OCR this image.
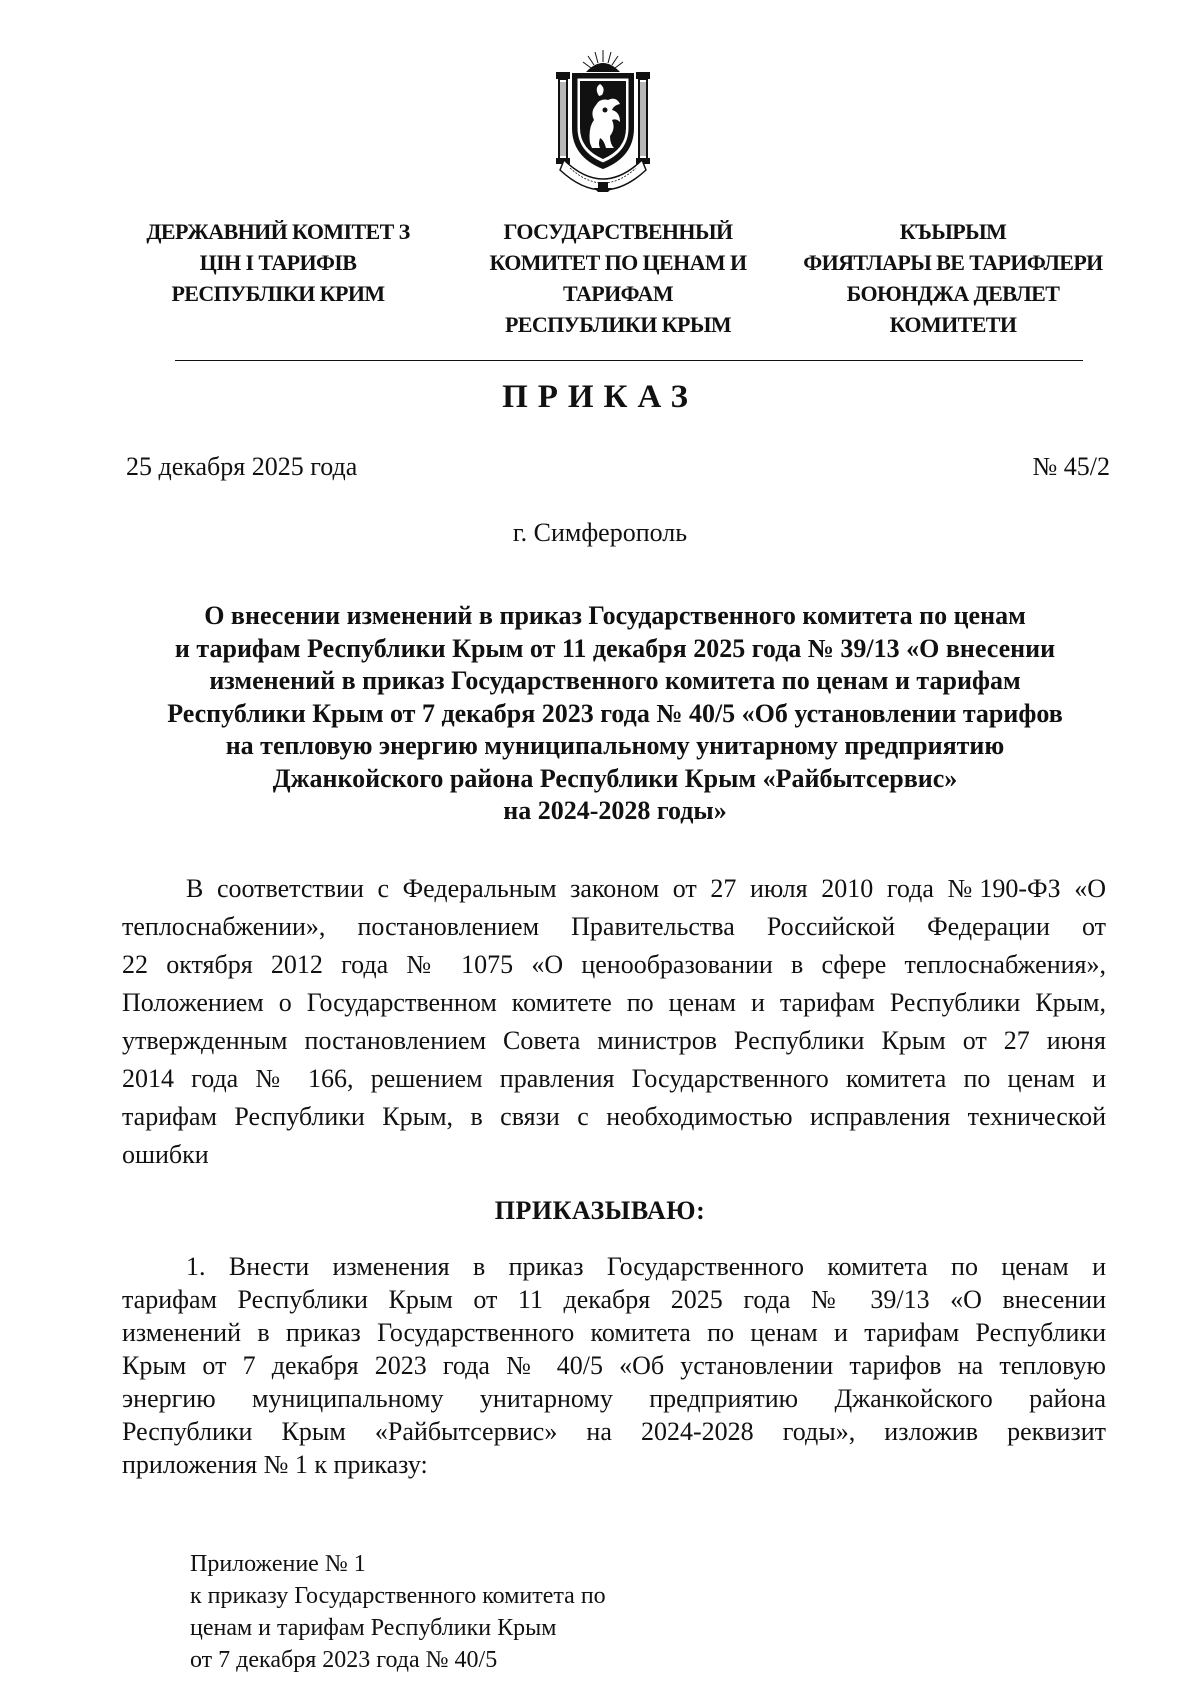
ДЕРЖАВНИЙ КОМІТЕТ З
ЦІН І ТАРИФІВ
РЕСПУБЛІКИ КРИМ
ГОСУДАРСТВЕННЫЙ
КОМИТЕТ ПО ЦЕНАМ И
ТАРИФАМ
РЕСПУБЛИКИ КРЫМ
КЪЫРЫМ
ФИЯТЛАРЫ ВЕ ТАРИФЛЕРИ
БОЮНДЖА ДЕВЛЕТ
КОМИТЕТИ
ПРИКАЗ
25 декабря 2025 года	№ 45/2
г. Симферополь
О внесении изменений в приказ Государственного комитета по ценам
и тарифам Республики Крым от 11 декабря 2025 года № 39/13 «О внесении
изменений в приказ Государственного комитета по ценам и тарифам
Республики Крым от 7 декабря 2023 года № 40/5 «Об установлении тарифов
на тепловую энергию муниципальному унитарному предприятию
Джанкойского района Республики Крым «Райбытсервис»
на 2024-2028 годы»
В соответствии с Федеральным законом от 27 июля 2010 года №190-ФЗ «О
теплоснабжении», постановлением Правительства Российской Федерации от
22 октября 2012 года № 1075 «О ценообразовании в сфере теплоснабжения»,
Положением о Государственном комитете по ценам и тарифам Республики Крым,
утвержденным постановлением Совета министров Республики Крым от 27 июня
2014 года № 166, решением правления Государственного комитета по ценам и
тарифам Республики Крым, в связи с необходимостью исправления технической
ошибки
ПРИКАЗЫВАЮ:
1. Внести изменения в приказ Государственного комитета по ценам и
тарифам Республики Крым от 11 декабря 2025 года № 39/13 «О внесении
изменений в приказ Государственного комитета по ценам и тарифам Республики
Крым от 7 декабря 2023 года № 40/5 «Об установлении тарифов на тепловую
энергию муниципальному унитарному предприятию Джанкойского района
Республики Крым «Райбытсервис» на 2024-2028 годы», изложив реквизит
приложения № 1 к приказу:
Приложение № 1
к приказу Государственного комитета по
ценам и тарифам Республики Крым
от 7 декабря 2023 года № 40/5
